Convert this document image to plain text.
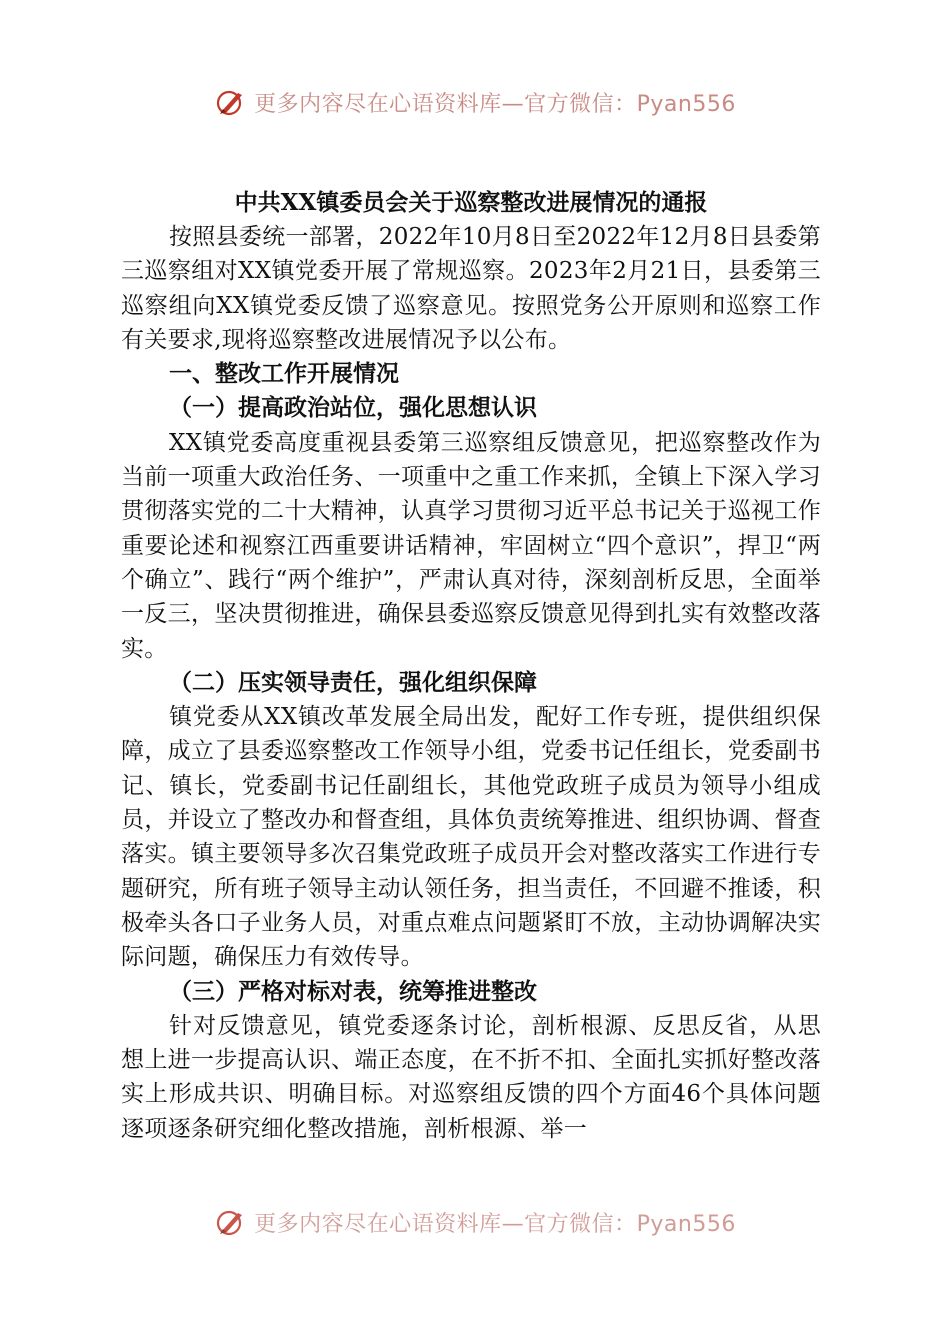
更多内容尽在心语资料库—官方微信：Pyan556

中共XX镇委员会关于巡察整改进展情况的通报

按照县委统一部署，2022年10月8日至2022年12月8日县委第三巡察组对XX镇党委开展了常规巡察。2023年2月21日，县委第三巡察组向XX镇党委反馈了巡察意见。按照党务公开原则和巡察工作有关要求,现将巡察整改进展情况予以公布。

一、整改工作开展情况

（一）提高政治站位，强化思想认识

XX镇党委高度重视县委第三巡察组反馈意见，把巡察整改作为当前一项重大政治任务、一项重中之重工作来抓，全镇上下深入学习贯彻落实党的二十大精神，认真学习贯彻习近平总书记关于巡视工作重要论述和视察江西重要讲话精神，牢固树立“四个意识”，捍卫“两个确立”、践行“两个维护”，严肃认真对待，深刻剖析反思，全面举一反三，坚决贯彻推进，确保县委巡察反馈意见得到扎实有效整改落实。

（二）压实领导责任，强化组织保障

镇党委从XX镇改革发展全局出发，配好工作专班，提供组织保障，成立了县委巡察整改工作领导小组，党委书记任组长，党委副书记、镇长，党委副书记任副组长，其他党政班子成员为领导小组成员，并设立了整改办和督查组，具体负责统筹推进、组织协调、督查落实。镇主要领导多次召集党政班子成员开会对整改落实工作进行专题研究，所有班子领导主动认领任务，担当责任，不回避不推诿，积极牵头各口子业务人员，对重点难点问题紧盯不放，主动协调解决实际问题，确保压力有效传导。

（三）严格对标对表，统筹推进整改

针对反馈意见，镇党委逐条讨论，剖析根源、反思反省，从思想上进一步提高认识、端正态度，在不折不扣、全面扎实抓好整改落实上形成共识、明确目标。对巡察组反馈的四个方面46个具体问题逐项逐条研究细化整改措施，剖析根源、举一

更多内容尽在心语资料库—官方微信：Pyan556
